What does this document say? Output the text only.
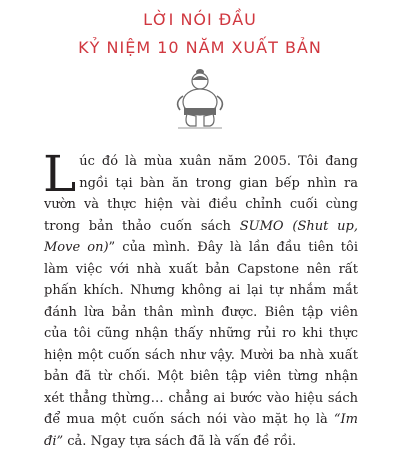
LỜI NÓI ĐẦU
KỶ NIỆM 10 NĂM XUẤT BẢN

Lúc đó là mùa xuân năm 2005. Tôi đang ngồi tại bàn ăn trong gian bếp nhìn ra vườn và thực hiện vài điều chỉnh cuối cùng trong bản thảo cuốn sách SUMO (Shut up, Move on)” của mình. Đây là lần đầu tiên tôi làm việc với nhà xuất bản Capstone nên rất phấn khích. Nhưng không ai lại tự nhắm mắt đánh lừa bản thân mình được. Biên tập viên của tôi cũng nhận thấy những rủi ro khi thực hiện một cuốn sách như vậy. Mười ba nhà xuất bản đã từ chối. Một biên tập viên từng nhận xét thẳng thừng… chẳng ai bước vào hiệu sách để mua một cuốn sách nói vào mặt họ là “Im đi” cả. Ngay tựa sách đã là vấn đề rồi.
